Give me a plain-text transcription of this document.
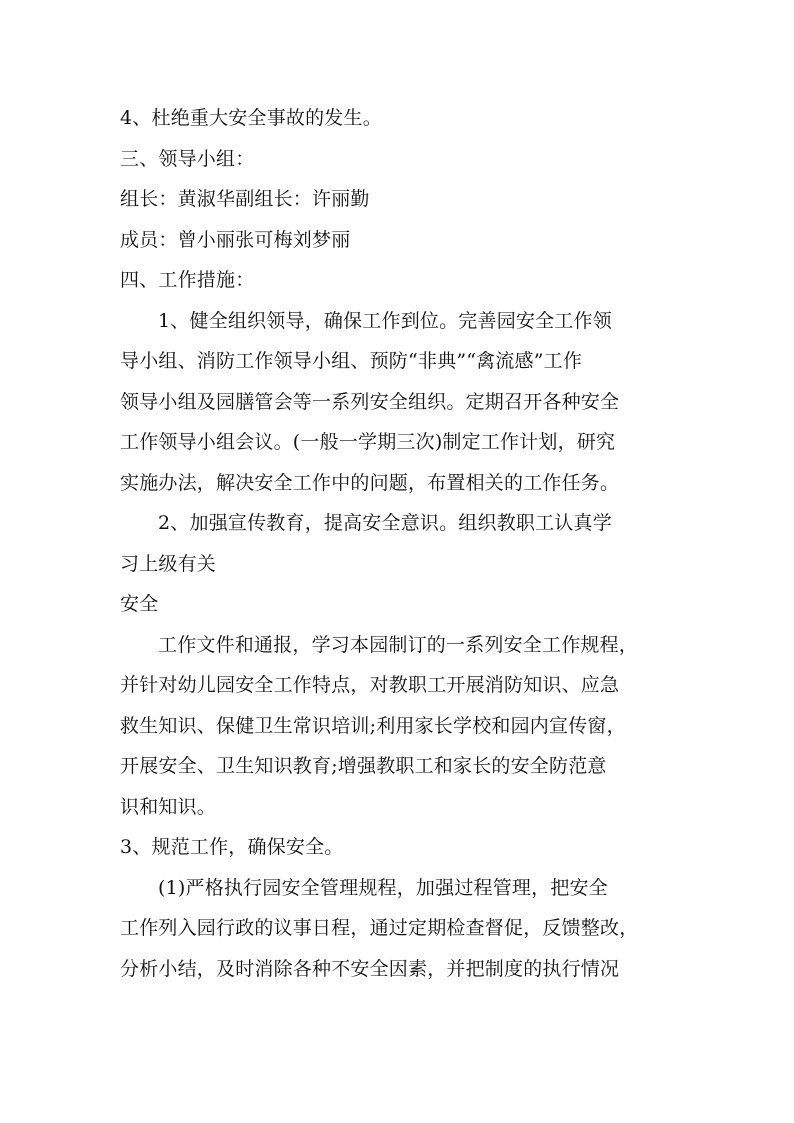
4、杜绝重大安全事故的发生。

三、领导小组：

组长：黄淑华副组长：许丽勤

成员：曾小丽张可梅刘梦丽

四、工作措施：

1、健全组织领导，确保工作到位。完善园安全工作领

导小组、消防工作领导小组、预防“非典”“禽流感”工作

领导小组及园膳管会等一系列安全组织。定期召开各种安全

工作领导小组会议。(一般一学期三次)制定工作计划，研究

实施办法，解决安全工作中的问题，布置相关的工作任务。

2、加强宣传教育，提高安全意识。组织教职工认真学

习上级有关

安全

工作文件和通报，学习本园制订的一系列安全工作规程，

并针对幼儿园安全工作特点，对教职工开展消防知识、应急

救生知识、保健卫生常识培训;利用家长学校和园内宣传窗，

开展安全、卫生知识教育;增强教职工和家长的安全防范意

识和知识。

3、规范工作，确保安全。

(1)严格执行园安全管理规程，加强过程管理，把安全

工作列入园行政的议事日程，通过定期检查督促，反馈整改，

分析小结，及时消除各种不安全因素，并把制度的执行情况
